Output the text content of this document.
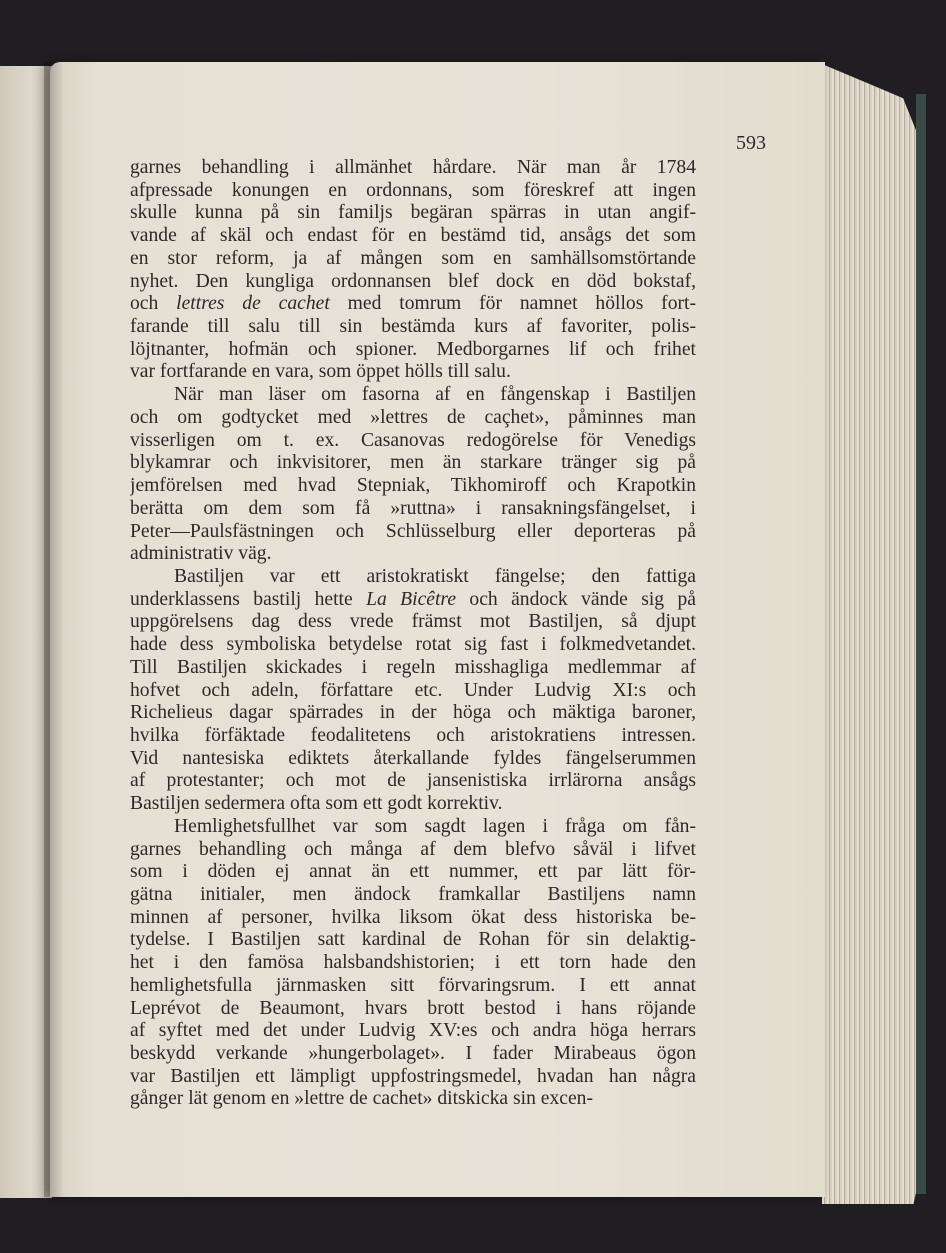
593
garnes behandling i allmänhet hårdare. När man år 1784
afpressade konungen en ordonnans, som föreskref att ingen
skulle kunna på sin familjs begäran spärras in utan angif-
vande af skäl och endast för en bestämd tid, ansågs det som
en stor reform, ja af mången som en samhällsomstörtande
nyhet. Den kungliga ordonnansen blef dock en död bokstaf,
och lettres de cachet med tomrum för namnet höllos fort-
farande till salu till sin bestämda kurs af favoriter, polis-
löjtnanter, hofmän och spioner. Medborgarnes lif och frihet
var fortfarande en vara, som öppet hölls till salu.
När man läser om fasorna af en fångenskap i Bastiljen
och om godtycket med »lettres de caçhet», påminnes man
visserligen om t. ex. Casanovas redogörelse för Venedigs
blykamrar och inkvisitorer, men än starkare tränger sig på
jemförelsen med hvad Stepniak, Tikhomiroff och Krapotkin
berätta om dem som få »ruttna» i ransakningsfängelset, i
Peter—Paulsfästningen och Schlüsselburg eller deporteras på
administrativ väg.
Bastiljen var ett aristokratiskt fängelse; den fattiga
underklassens bastilj hette La Bicêtre och ändock vände sig på
uppgörelsens dag dess vrede främst mot Bastiljen, så djupt
hade dess symboliska betydelse rotat sig fast i folkmedvetandet.
Till Bastiljen skickades i regeln misshagliga medlemmar af
hofvet och adeln, författare etc. Under Ludvig XI:s och
Richelieus dagar spärrades in der höga och mäktiga baroner,
hvilka förfäktade feodalitetens och aristokratiens intressen.
Vid nantesiska ediktets återkallande fyldes fängelserummen
af protestanter; och mot de jansenistiska irrlärorna ansågs
Bastiljen sedermera ofta som ett godt korrektiv.
Hemlighetsfullhet var som sagdt lagen i fråga om fån-
garnes behandling och många af dem blefvo såväl i lifvet
som i döden ej annat än ett nummer, ett par lätt för-
gätna initialer, men ändock framkallar Bastiljens namn
minnen af personer, hvilka liksom ökat dess historiska be-
tydelse. I Bastiljen satt kardinal de Rohan för sin delaktig-
het i den famösa halsbandshistorien; i ett torn hade den
hemlighetsfulla järnmasken sitt förvaringsrum. I ett annat
Leprévot de Beaumont, hvars brott bestod i hans röjande
af syftet med det under Ludvig XV:es och andra höga herrars
beskydd verkande »hungerbolaget». I fader Mirabeaus ögon
var Bastiljen ett lämpligt uppfostringsmedel, hvadan han några
gånger lät genom en »lettre de cachet» ditskicka sin excen-
